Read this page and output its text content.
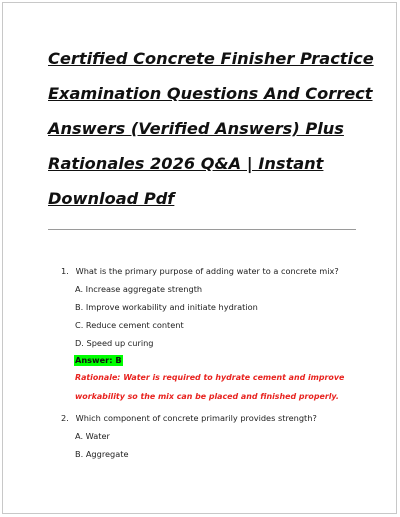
Certified Concrete Finisher Practice Examination Questions And Correct Answers (Verified Answers) Plus Rationales 2026 Q&A | Instant Download Pdf
1. What is the primary purpose of adding water to a concrete mix?
A. Increase aggregate strength
B. Improve workability and initiate hydration
C. Reduce cement content
D. Speed up curing
Answer: B
Rationale: Water is required to hydrate cement and improve workability so the mix can be placed and finished properly.
2. Which component of concrete primarily provides strength?
A. Water
B. Aggregate
